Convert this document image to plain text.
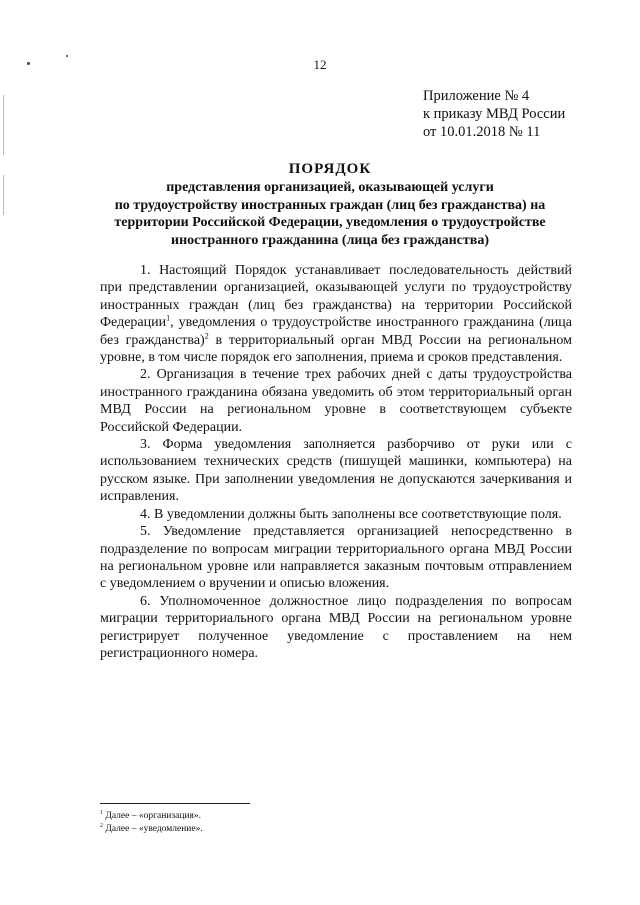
12
Приложение № 4
к приказу МВД России
от 10.01.2018 № 11
ПОРЯДОК
представления организацией, оказывающей услуги
по трудоустройству иностранных граждан (лиц без гражданства) на
территории Российской Федерации, уведомления о трудоустройстве
иностранного гражданина (лица без гражданства)

1. Настоящий Порядок устанавливает последовательность действий при представлении организацией, оказывающей услуги по трудоустройству иностранных граждан (лиц без гражданства) на территории Российской Федерации$^1$, уведомления о трудоустройстве иностранного гражданина (лица без гражданства)$^2$ в территориальный орган МВД России на региональном уровне, в том числе порядок его заполнения, приема и сроков представления.

2. Организация в течение трех рабочих дней с даты трудоустройства иностранного гражданина обязана уведомить об этом территориальный орган МВД России на региональном уровне в соответствующем субъекте Российской Федерации.

3. Форма уведомления заполняется разборчиво от руки или с использованием технических средств (пишущей машинки, компьютера) на русском языке. При заполнении уведомления не допускаются зачеркивания и исправления.

4. В уведомлении должны быть заполнены все соответствующие поля.

5. Уведомление представляется организацией непосредственно в подразделение по вопросам миграции территориального органа МВД России на региональном уровне или направляется заказным почтовым отправлением с уведомлением о вручении и описью вложения.

6. Уполномоченное должностное лицо подразделения по вопросам миграции территориального органа МВД России на региональном уровне регистрирует полученное уведомление с проставлением на нем регистрационного номера.

$^1$ Далее – «организация».
$^2$ Далее – «уведомление».
